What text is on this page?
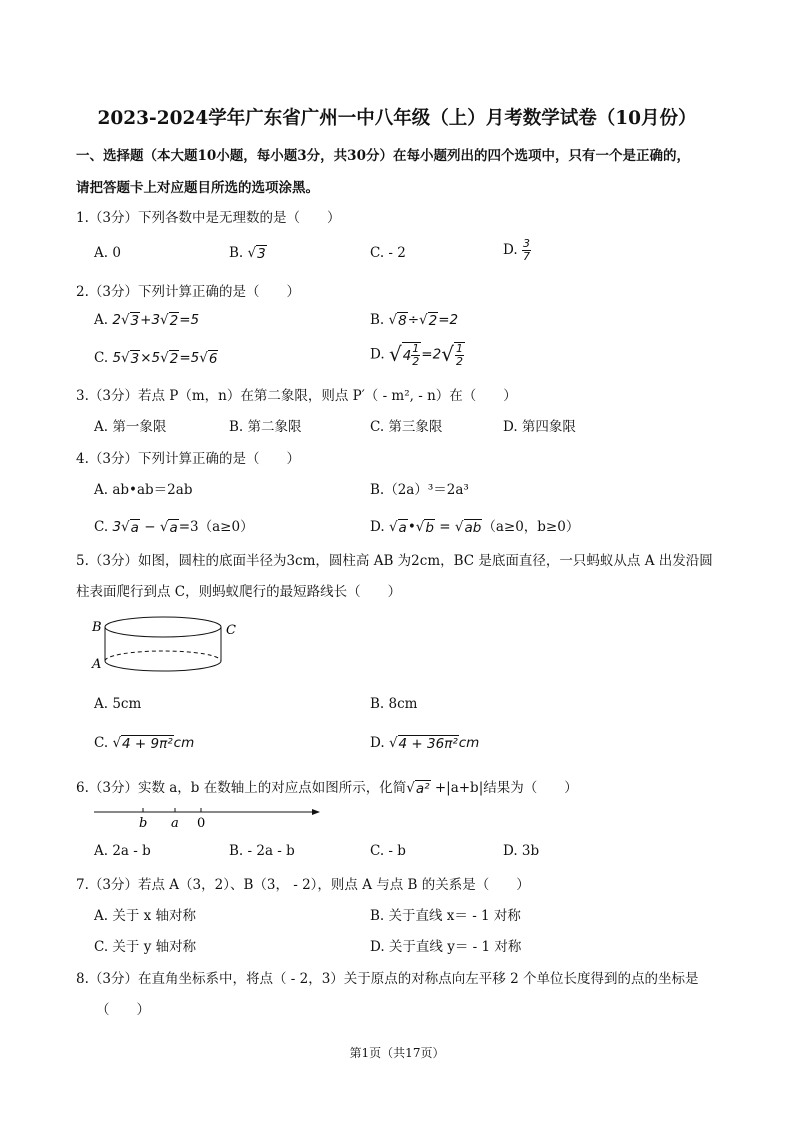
2023-2024学年广东省广州一中八年级（上）月考数学试卷（10月份）
一、选择题（本大题10小题，每小题3分，共30分）在每小题列出的四个选项中，只有一个是正确的，
请把答题卡上对应题目所选的选项涂黑。
1.（3分）下列各数中是无理数的是（　　）
A. 0	B. √ 3	C. - 2	D. $\frac{3}{7}$
2.（3分）下列计算正确的是（　　）
A. 2 √ 3 +3 √ 2 =5	B. √ 8 ÷ √ 2 =2
C. 5 √ 3 ×5 √ 2 =5 √ 6	D. √ $4 \frac{1}{2} =2$ √ $\frac{1}{2}$
3.（3分）若点 P（m，n）在第二象限，则点 P′（ - m², - n）在（　　）
A. 第一象限	B. 第二象限	C. 第三象限	D. 第四象限
4.（3分）下列计算正确的是（　　）
A. ab•ab＝2ab	B.（2a）³＝2a³
C. 3 √ a − √ a =3（a≥0）	D. √ a • √ b = √ ab （a≥0，b≥0）
5.（3分）如图，圆柱的底面半径为3cm，圆柱高 AB 为2cm，BC 是底面直径，一只蚂蚁从点 A 出发沿圆
柱表面爬行到点 C，则蚂蚁爬行的最短路线长（　　）
B	C
A
A. 5cm	B. 8cm
C. √ 4 + 9π² cm	D. √ 4 + 36π² cm
6.（3分）实数 a，b 在数轴上的对应点如图所示，化简 √ a² +|a+b|结果为（　　）
b a 0
A. 2a - b	B. - 2a - b	C. - b	D. 3b
7.（3分）若点 A（3，2）、B（3， - 2），则点 A 与点 B 的关系是（　　）
A. 关于 x 轴对称	B. 关于直线 x＝ - 1 对称
C. 关于 y 轴对称	D. 关于直线 y＝ - 1 对称
8.（3分）在直角坐标系中，将点（ - 2，3）关于原点的对称点向左平移 2 个单位长度得到的点的坐标是
（　　）
第1页（共17页）
